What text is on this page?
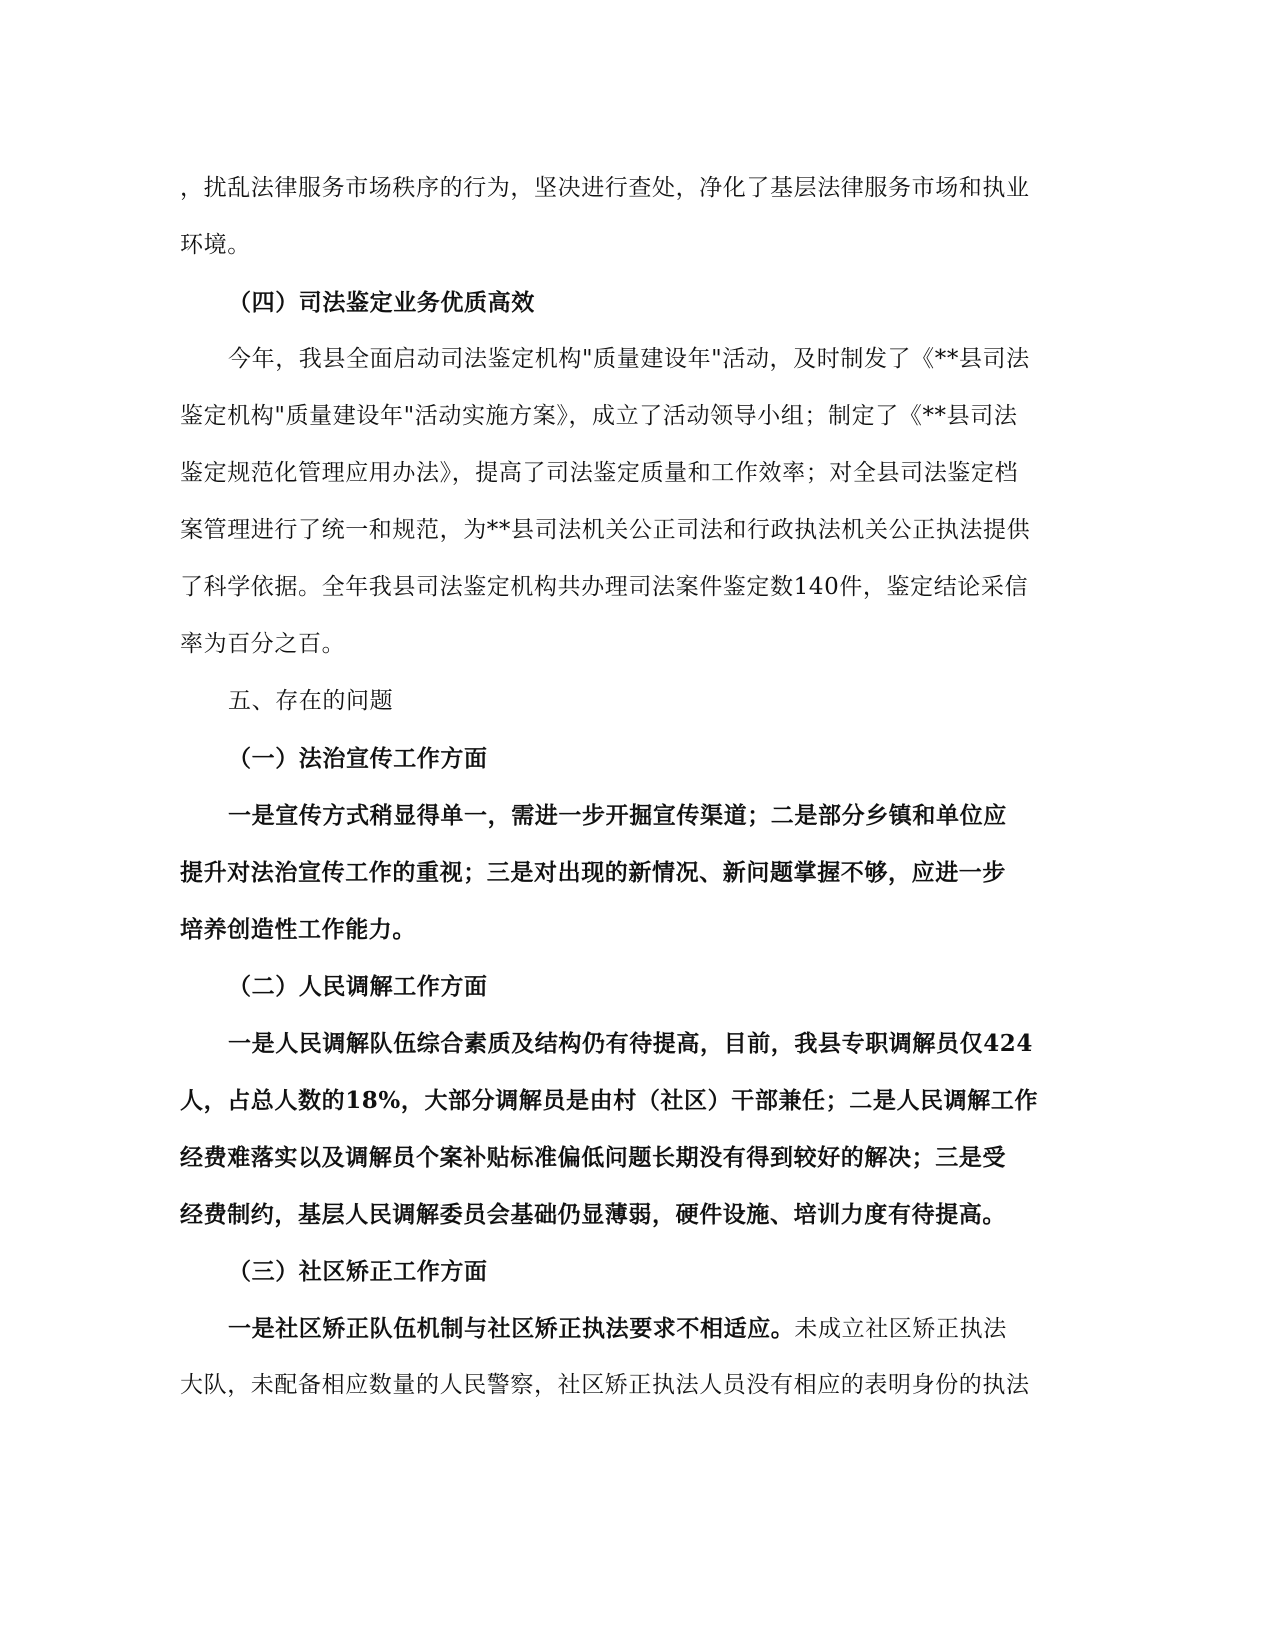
，扰乱法律服务市场秩序的行为，坚决进行查处，净化了基层法律服务市场和执业
环境。
（四）司法鉴定业务优质高效
今年，我县全面启动司法鉴定机构"质量建设年"活动，及时制发了《**县司法
鉴定机构"质量建设年"活动实施方案》，成立了活动领导小组；制定了《**县司法
鉴定规范化管理应用办法》，提高了司法鉴定质量和工作效率；对全县司法鉴定档
案管理进行了统一和规范，为**县司法机关公正司法和行政执法机关公正执法提供
了科学依据。全年我县司法鉴定机构共办理司法案件鉴定数140件，鉴定结论采信
率为百分之百。
五、存在的问题
（一）法治宣传工作方面
一是宣传方式稍显得单一，需进一步开掘宣传渠道；二是部分乡镇和单位应
提升对法治宣传工作的重视；三是对出现的新情况、新问题掌握不够，应进一步
培养创造性工作能力。
（二）人民调解工作方面
一是人民调解队伍综合素质及结构仍有待提高，目前，我县专职调解员仅424
人，占总人数的18%，大部分调解员是由村（社区）干部兼任；二是人民调解工作
经费难落实以及调解员个案补贴标准偏低问题长期没有得到较好的解决；三是受
经费制约，基层人民调解委员会基础仍显薄弱，硬件设施、培训力度有待提高。
（三）社区矫正工作方面
一是社区矫正队伍机制与社区矫正执法要求不相适应。未成立社区矫正执法
大队，未配备相应数量的人民警察，社区矫正执法人员没有相应的表明身份的执法
